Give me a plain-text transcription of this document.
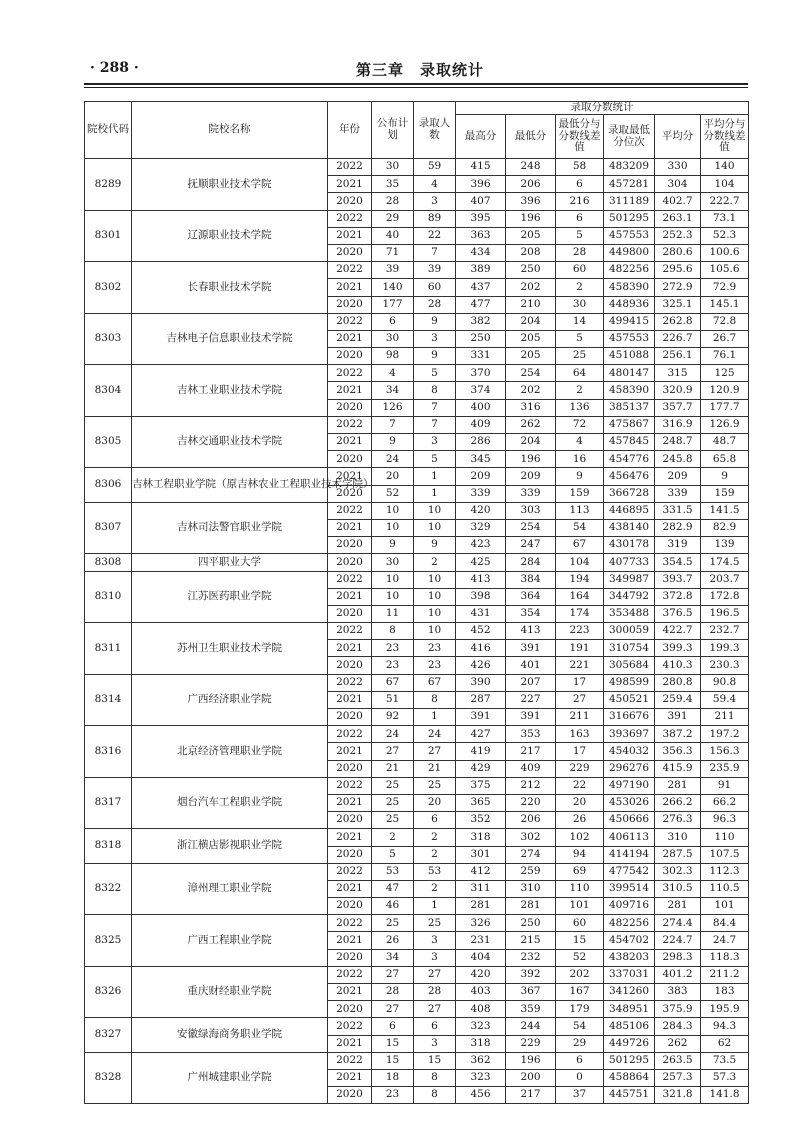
· 288 ·	第三章　录取统计
院校代码	院校名称	年份	公布计划	录取人数	录取分数统计					
					最高分	最低分	最低分与分数线差值	录取最低分位次	平均分	平均分与分数线差值
8289	抚顺职业技术学院	2022	30	59	415	248	58	483209	330	140
		2021	35	4	396	206	6	457281	304	104
		2020	28	3	407	396	216	311189	402.7	222.7
8301	辽源职业技术学院	2022	29	89	395	196	6	501295	263.1	73.1
		2021	40	22	363	205	5	457553	252.3	52.3
		2020	71	7	434	208	28	449800	280.6	100.6
8302	长春职业技术学院	2022	39	39	389	250	60	482256	295.6	105.6
		2021	140	60	437	202	2	458390	272.9	72.9
		2020	177	28	477	210	30	448936	325.1	145.1
8303	吉林电子信息职业技术学院	2022	6	9	382	204	14	499415	262.8	72.8
		2021	30	3	250	205	5	457553	226.7	26.7
		2020	98	9	331	205	25	451088	256.1	76.1
8304	吉林工业职业技术学院	2022	4	5	370	254	64	480147	315	125
		2021	34	8	374	202	2	458390	320.9	120.9
		2020	126	7	400	316	136	385137	357.7	177.7
8305	吉林交通职业技术学院	2022	7	7	409	262	72	475867	316.9	126.9
		2021	9	3	286	204	4	457845	248.7	48.7
		2020	24	5	345	196	16	454776	245.8	65.8
8306	吉林工程职业学院（原吉林农业工程职业技术学院）	2021	20	1	209	209	9	456476	209	9
		2020	52	1	339	339	159	366728	339	159
8307	吉林司法警官职业学院	2022	10	10	420	303	113	446895	331.5	141.5
		2021	10	10	329	254	54	438140	282.9	82.9
		2020	9	9	423	247	67	430178	319	139
8308	四平职业大学	2020	30	2	425	284	104	407733	354.5	174.5
8310	江苏医药职业学院	2022	10	10	413	384	194	349987	393.7	203.7
		2021	10	10	398	364	164	344792	372.8	172.8
		2020	11	10	431	354	174	353488	376.5	196.5
8311	苏州卫生职业技术学院	2022	8	10	452	413	223	300059	422.7	232.7
		2021	23	23	416	391	191	310754	399.3	199.3
		2020	23	23	426	401	221	305684	410.3	230.3
8314	广西经济职业学院	2022	67	67	390	207	17	498599	280.8	90.8
		2021	51	8	287	227	27	450521	259.4	59.4
		2020	92	1	391	391	211	316676	391	211
8316	北京经济管理职业学院	2022	24	24	427	353	163	393697	387.2	197.2
		2021	27	27	419	217	17	454032	356.3	156.3
		2020	21	21	429	409	229	296276	415.9	235.9
8317	烟台汽车工程职业学院	2022	25	25	375	212	22	497190	281	91
		2021	25	20	365	220	20	453026	266.2	66.2
		2020	25	6	352	206	26	450666	276.3	96.3
8318	浙江横店影视职业学院	2021	2	2	318	302	102	406113	310	110
		2020	5	2	301	274	94	414194	287.5	107.5
8322	漳州理工职业学院	2022	53	53	412	259	69	477542	302.3	112.3
		2021	47	2	311	310	110	399514	310.5	110.5
		2020	46	1	281	281	101	409716	281	101
8325	广西工程职业学院	2022	25	25	326	250	60	482256	274.4	84.4
		2021	26	3	231	215	15	454702	224.7	24.7
		2020	34	3	404	232	52	438203	298.3	118.3
8326	重庆财经职业学院	2022	27	27	420	392	202	337031	401.2	211.2
		2021	28	28	403	367	167	341260	383	183
		2020	27	27	408	359	179	348951	375.9	195.9
8327	安徽绿海商务职业学院	2022	6	6	323	244	54	485106	284.3	94.3
		2021	15	3	318	229	29	449726	262	62
8328	广州城建职业学院	2022	15	15	362	196	6	501295	263.5	73.5
		2021	18	8	323	200	0	458864	257.3	57.3
		2020	23	8	456	217	37	445751	321.8	141.8
